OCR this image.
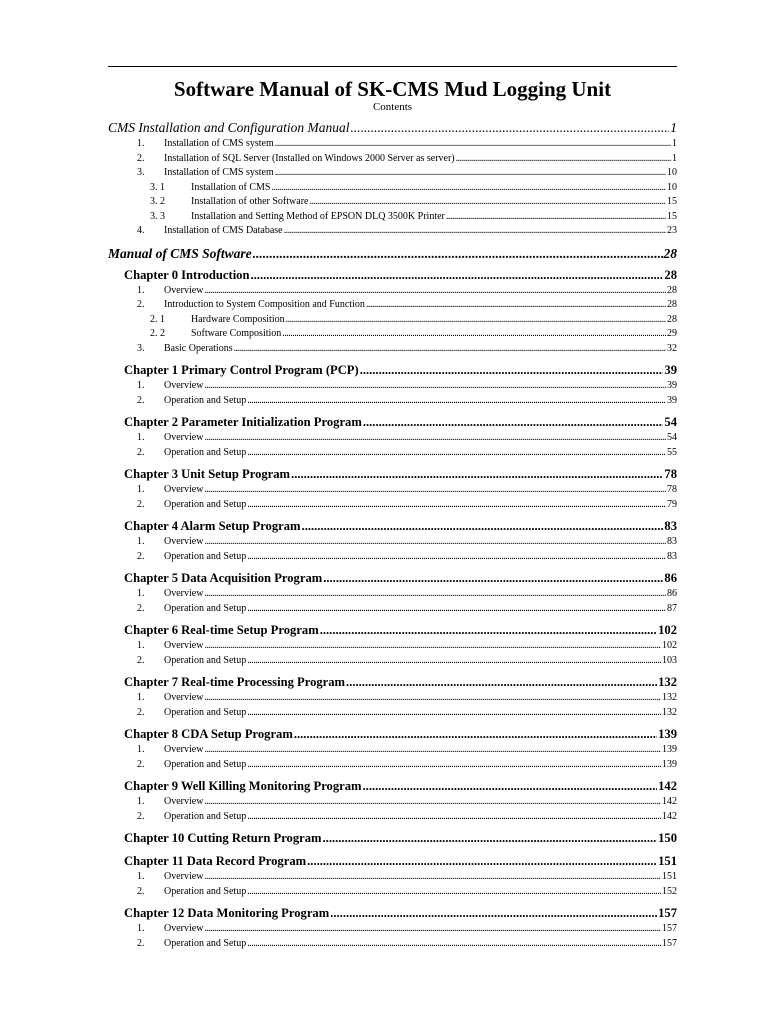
Software Manual of SK-CMS Mud Logging Unit
Contents
CMS Installation and Configuration Manual .....	1
1.	Installation of CMS system .....	1
2.	Installation of SQL Server (Installed on Windows 2000 Server as server) .....	1
3.	Installation of CMS system .....	10
3. 1	Installation of CMS .....	10
3. 2	Installation of other Software .....	15
3. 3	Installation and Setting Method of EPSON DLQ 3500K Printer .....	15
4.	Installation of CMS Database .....	23
Manual of CMS Software .....	28
Chapter 0 Introduction .....	28
1.	Overview .....	28
2.	Introduction to System Composition and Function .....	28
2. 1	Hardware Composition .....	28
2. 2	Software Composition .....	29
3.	Basic Operations .....	32
Chapter 1 Primary Control Program (PCP) .....	39
1.	Overview .....	39
2.	Operation and Setup .....	39
Chapter 2 Parameter Initialization Program .....	54
1.	Overview .....	54
2.	Operation and Setup .....	55
Chapter 3 Unit Setup Program .....	78
1.	Overview .....	78
2.	Operation and Setup .....	79
Chapter 4 Alarm Setup Program .....	83
1.	Overview .....	83
2.	Operation and Setup .....	83
Chapter 5 Data Acquisition Program .....	86
1.	Overview .....	86
2.	Operation and Setup .....	87
Chapter 6 Real-time Setup Program .....	102
1.	Overview .....	102
2.	Operation and Setup .....	103
Chapter 7 Real-time Processing Program .....	132
1.	Overview .....	132
2.	Operation and Setup .....	132
Chapter 8 CDA Setup Program .....	139
1.	Overview .....	139
2.	Operation and Setup .....	139
Chapter 9 Well Killing Monitoring Program .....	142
1.	Overview .....	142
2.	Operation and Setup .....	142
Chapter 10 Cutting Return Program .....	150
Chapter 11 Data Record Program .....	151
1.	Overview .....	151
2.	Operation and Setup .....	152
Chapter 12 Data Monitoring Program .....	157
1.	Overview .....	157
2.	Operation and Setup .....	157
